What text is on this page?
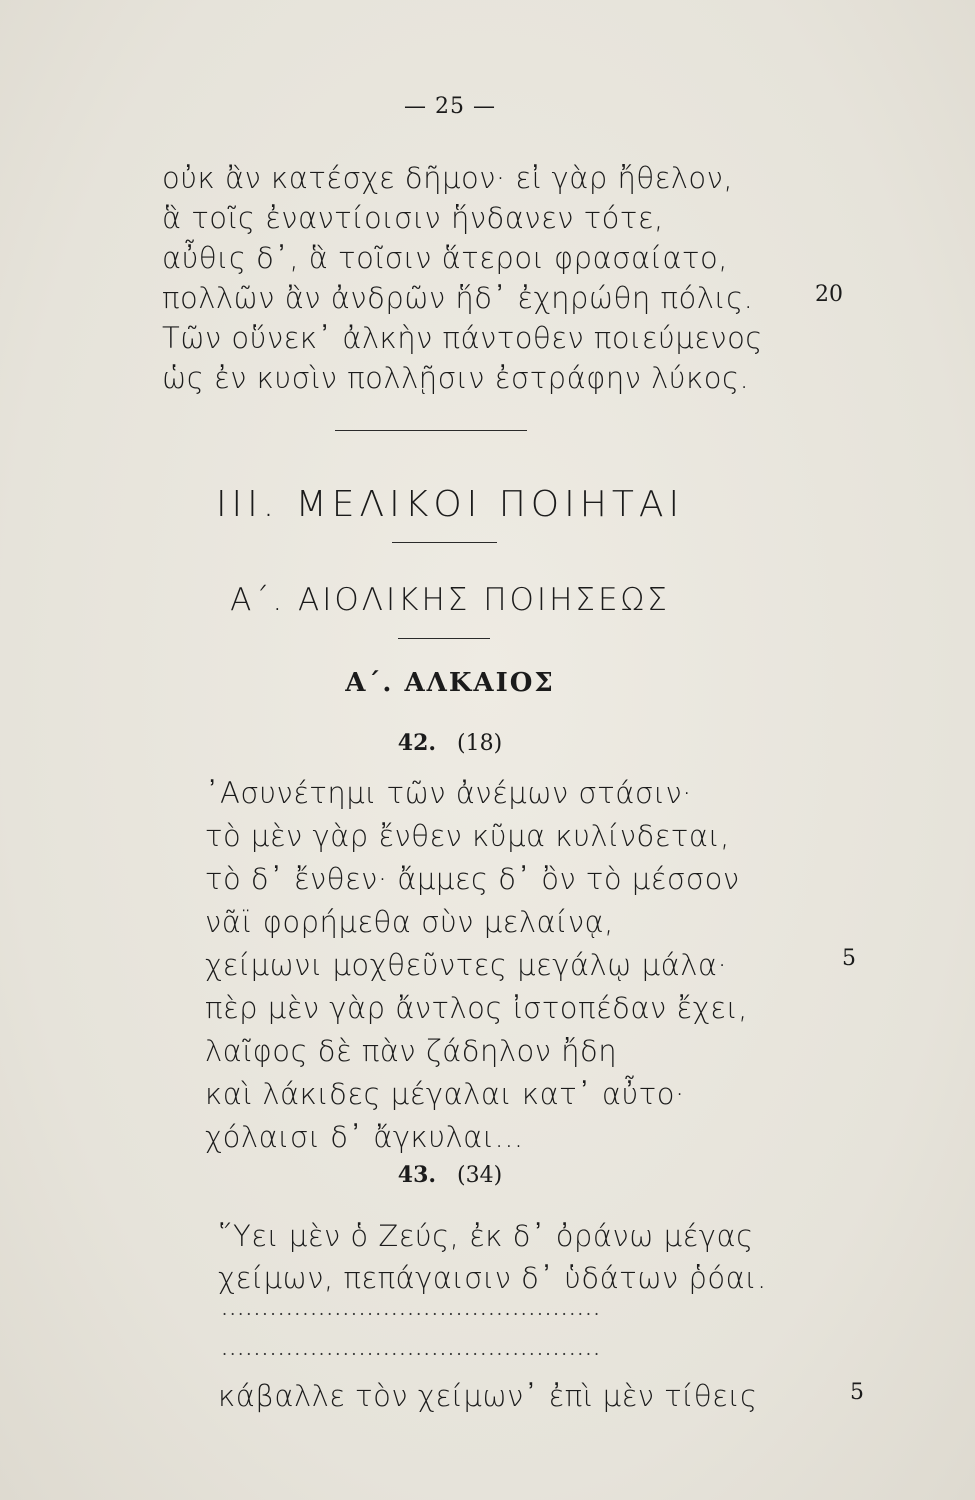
— 25 —
οὐκ ἂν κατέσχε δῆμον· εἰ γὰρ ἤθελον,
ἃ τοῖς ἐναντίοισιν ἥνδανεν τότε,
αὖθις δ᾽, ἃ τοῖσιν ἅτεροι φρασαίατο,
πολλῶν ἂν ἀνδρῶν ἥδ᾽ ἐχηρώθη πόλις.
Τῶν οὕνεκ᾽ ἀλκὴν πάντοθεν ποιεύμενος
ὡς ἐν κυσὶν πολλῇσιν ἐστράφην λύκος.
20
III. ΜΕΛΙΚΟΙ ΠΟΙΗΤΑΙ
Α΄. ΑΙΟΛΙΚΗΣ ΠΟΙΗΣΕΩΣ
Α΄. ΑΛΚΑΙΟΣ
42. (18)
᾿Ασυνέτημι τῶν ἀνέμων στάσιν·
τὸ μὲν γὰρ ἔνθεν κῦμα κυλίνδεται,
τὸ δ᾽ ἔνθεν· ἄμμες δ᾽ ὂν τὸ μέσσον
νᾶϊ φορήμεθα σὺν μελαίνᾳ,
χείμωνι μοχθεῦντες μεγάλῳ μάλα·
πὲρ μὲν γὰρ ἄντλος ἰστοπέδαν ἔχει,
λαῖφος δὲ πὰν ζάδηλον ἤδη
καὶ λάκιδες μέγαλαι κατ᾽ αὖτο·
χόλαισι δ᾽ ἄγκυλαι...
5
43. (34)
῞Υει μὲν ὁ Ζεύς, ἐκ δ᾽ ὀράνω μέγας
χείμων, πεπάγαισιν δ᾽ ὑδάτων ῥόαι.
...............................................
...............................................
κάβαλλε τὸν χείμων᾽ ἐπὶ μὲν τίθεις	5
